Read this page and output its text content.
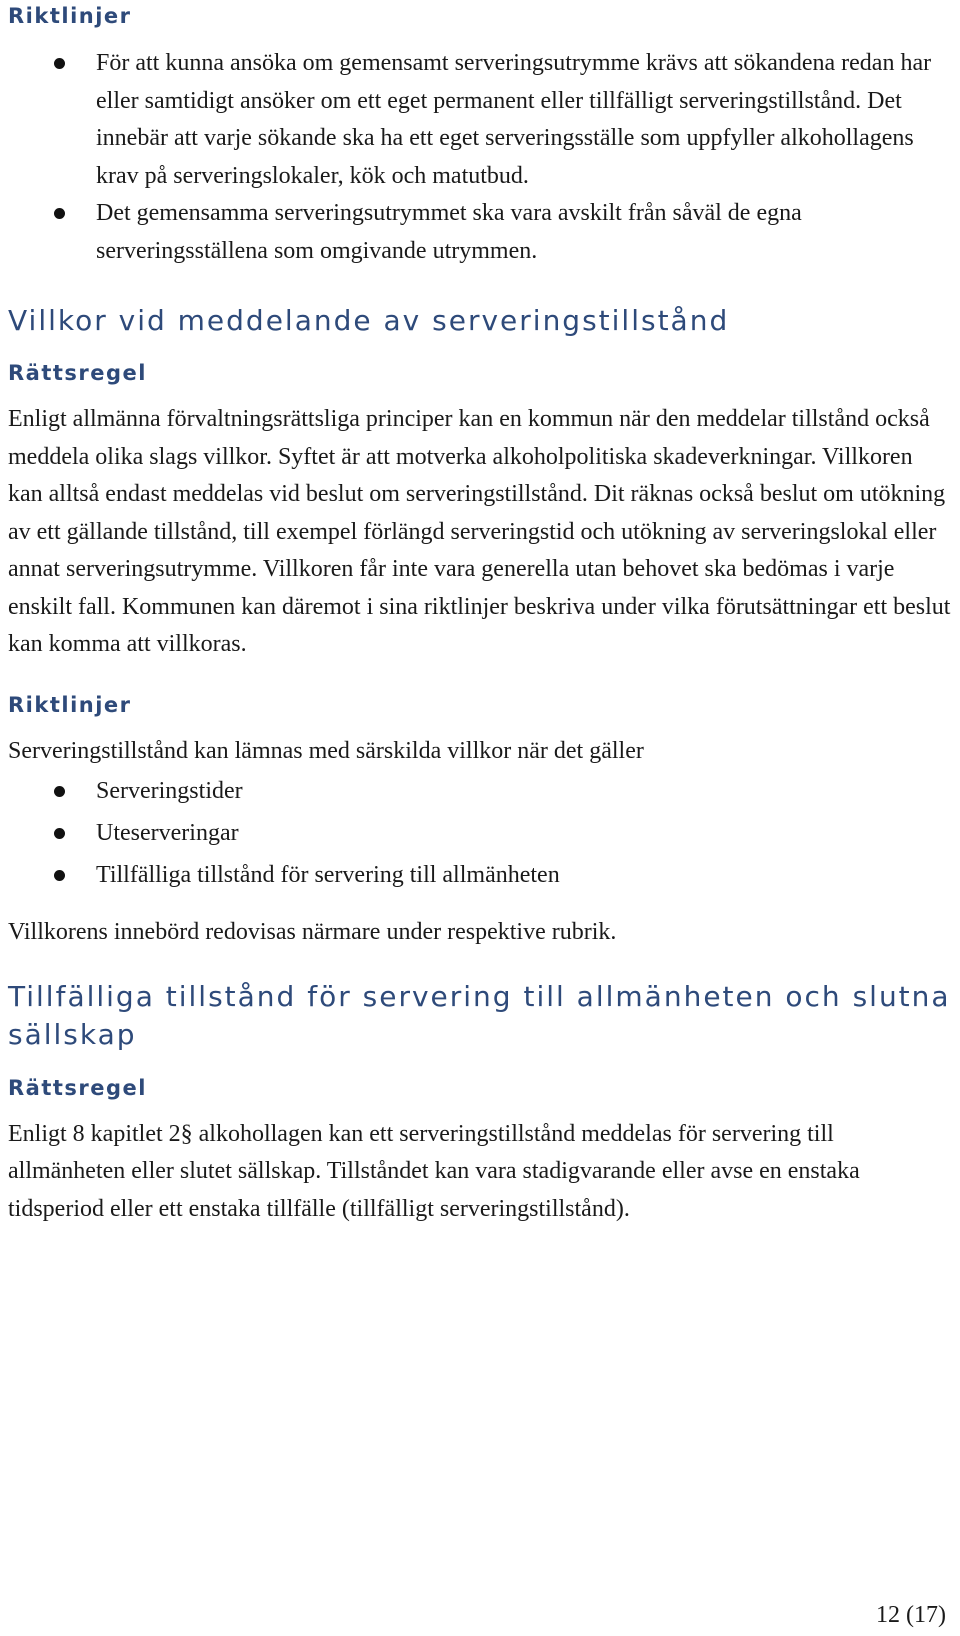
Riktlinjer
För att kunna ansöka om gemensamt serveringsutrymme krävs att sökandena redan har eller samtidigt ansöker om ett eget permanent eller tillfälligt serveringstillstånd. Det innebär att varje sökande ska ha ett eget serveringsställe som uppfyller alkohollagens krav på serveringslokaler, kök och matutbud.
Det gemensamma serveringsutrymmet ska vara avskilt från såväl de egna serveringsställena som omgivande utrymmen.
Villkor vid meddelande av serveringstillstånd
Rättsregel

Enligt allmänna förvaltningsrättsliga principer kan en kommun när den meddelar tillstånd också meddela olika slags villkor. Syftet är att motverka alkoholpolitiska skadeverkningar. Villkoren kan alltså endast meddelas vid beslut om serveringstillstånd. Dit räknas också beslut om utökning av ett gällande tillstånd, till exempel förlängd serveringstid och utökning av serveringslokal eller annat serveringsutrymme. Villkoren får inte vara generella utan behovet ska bedömas i varje enskilt fall. Kommunen kan däremot i sina riktlinjer beskriva under vilka förutsättningar ett beslut kan komma att villkoras.

Riktlinjer

Serveringstillstånd kan lämnas med särskilda villkor när det gäller

Serveringstider
Uteserveringar
Tillfälliga tillstånd för servering till allmänheten

Villkorens innebörd redovisas närmare under respektive rubrik.

Tillfälliga tillstånd för servering till allmänheten och slutna sällskap
Rättsregel

Enligt 8 kapitlet 2§ alkohollagen kan ett serveringstillstånd meddelas för servering till allmänheten eller slutet sällskap. Tillståndet kan vara stadigvarande eller avse en enstaka tidsperiod eller ett enstaka tillfälle (tillfälligt serveringstillstånd).

12 (17)
